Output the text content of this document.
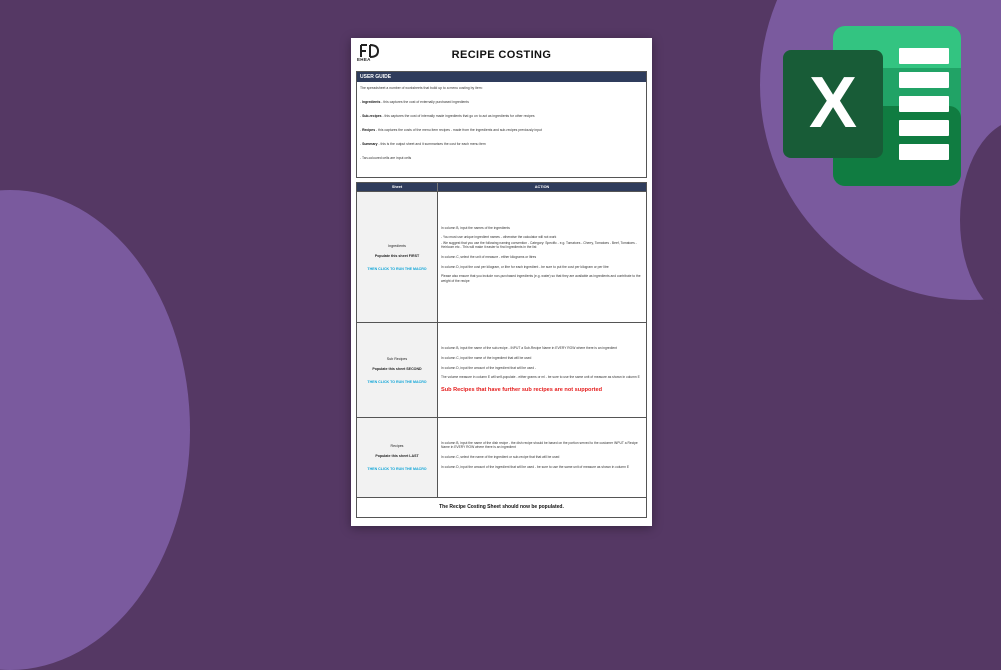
X
EHEA	RECIPE COSTING
USER GUIDE

The spreadsheet a number of worksheets that build up to a menu costing by item:

- Ingredients - this captures the cost of externally purchased ingredients

- Sub-recipes - this captures the cost of internally made ingredients that go on to act as ingredients for other recipes

- Recipes - this captures the costs of the menu item recipes - made from the ingredients and sub-recipes previously input

- Summary - this is the output sheet and it summarises the cost for each menu item

- Tan-coloured cells are input cells

Sheet	ACTION
Ingredients
Populate this sheet FIRST
THEN CLICK TO RUN THE MACRO

In column B, input the names of the ingredients

- You must use unique ingredient names - otherwise the calculator will not work

- We suggest that you use the following naming convention - Category: Specific - e.g. Tomatoes - Cherry, Tomatoes - Beef, Tomatoes - Heirloom etc - This will make it easier to find ingredients in the list

In column C, select the unit of measure - either kilograms or litres

In column D, input the cost per kilogram, or litre for each ingredient - be sure to put the cost per kilogram or per litre

Please also ensure that you include non-purchased ingredients (e.g. water) so that they are available as ingredients and contribute to the weight of the recipe

Sub Recipes
Populate this sheet SECOND
THEN CLICK TO RUN THE MACRO

In column B, input the name of the sub-recipe - INPUT a Sub-Recipe Name in EVERY ROW where there is an ingredient

In column C, input the name of the ingredient that will be used

In column D, input the amount of the ingredient that will be used -

The volume measure in column E will self-populate - either grams or ml - be sure to use the same unit of measure as shown in column E

Sub Recipes that have further sub recipes are not supported

Recipes
Populate this sheet LAST
THEN CLICK TO RUN THE MACRO

In column B, input the name of the dish recipe - the dish recipe should be based on the portion served to the customer INPUT a Recipe Name in EVERY ROW where there is an ingredient

In column C, select the name of the ingredient or sub-recipe that that will be used

In column D, input the amount of the ingredient that will be used - be sure to use the same unit of measure as shown in column E

The Recipe Costing Sheet should now be populated.
